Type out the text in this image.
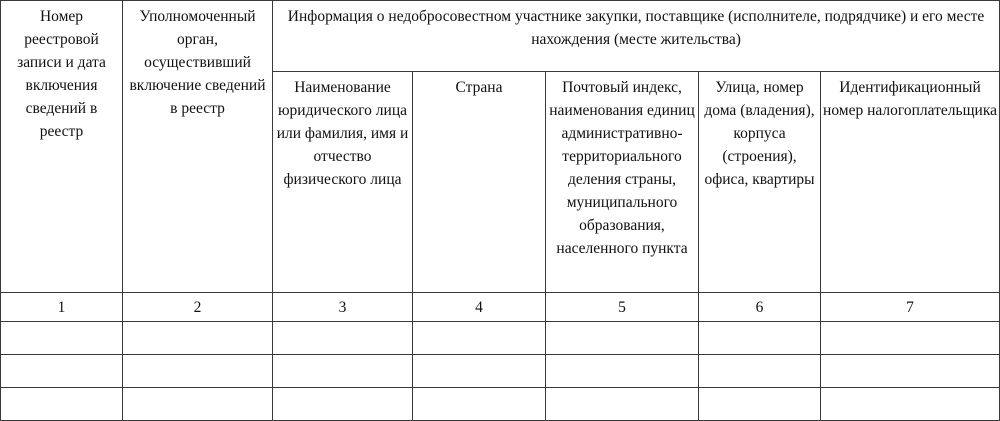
Номер реестровой записи и дата включения сведений в реестр	Уполномоченный орган, осуществивший включение сведений в реестр	Информация о недобросовестном участнике закупки, поставщике (исполнителе, подрядчике) и его месте нахождения (месте жительства)				

		Наименование юридического лица или фамилия, имя и отчество физического лица	Страна	Почтовый индекс, наименования единиц административно-территориального деления страны, муниципального образования, населенного пункта	Улица, номер дома (владения), корпуса (строения), офиса, квартиры	Идентификационный номер налогоплательщика

1	2	3	4	5	6	7
